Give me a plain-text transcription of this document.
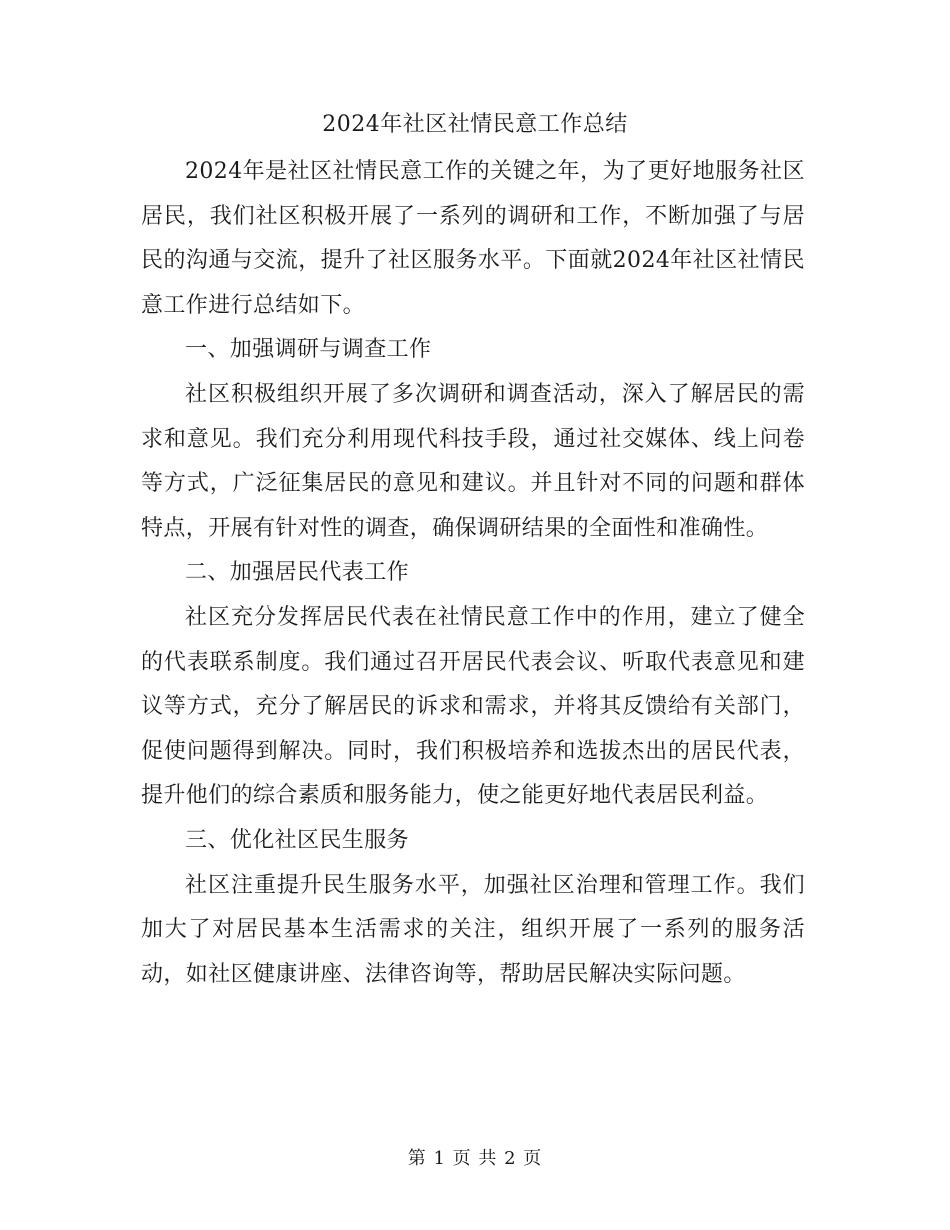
2024年社区社情民意工作总结

2024年是社区社情民意工作的关键之年，为了更好地服务社区居民，我们社区积极开展了一系列的调研和工作，不断加强了与居民的沟通与交流，提升了社区服务水平。下面就2024年社区社情民意工作进行总结如下。

一、加强调研与调查工作

社区积极组织开展了多次调研和调查活动，深入了解居民的需求和意见。我们充分利用现代科技手段，通过社交媒体、线上问卷等方式，广泛征集居民的意见和建议。并且针对不同的问题和群体特点，开展有针对性的调查，确保调研结果的全面性和准确性。

二、加强居民代表工作

社区充分发挥居民代表在社情民意工作中的作用，建立了健全的代表联系制度。我们通过召开居民代表会议、听取代表意见和建议等方式，充分了解居民的诉求和需求，并将其反馈给有关部门，促使问题得到解决。同时，我们积极培养和选拔杰出的居民代表，提升他们的综合素质和服务能力，使之能更好地代表居民利益。

三、优化社区民生服务

社区注重提升民生服务水平，加强社区治理和管理工作。我们加大了对居民基本生活需求的关注，组织开展了一系列的服务活动，如社区健康讲座、法律咨询等，帮助居民解决实际问题。

第 1 页 共 2 页
